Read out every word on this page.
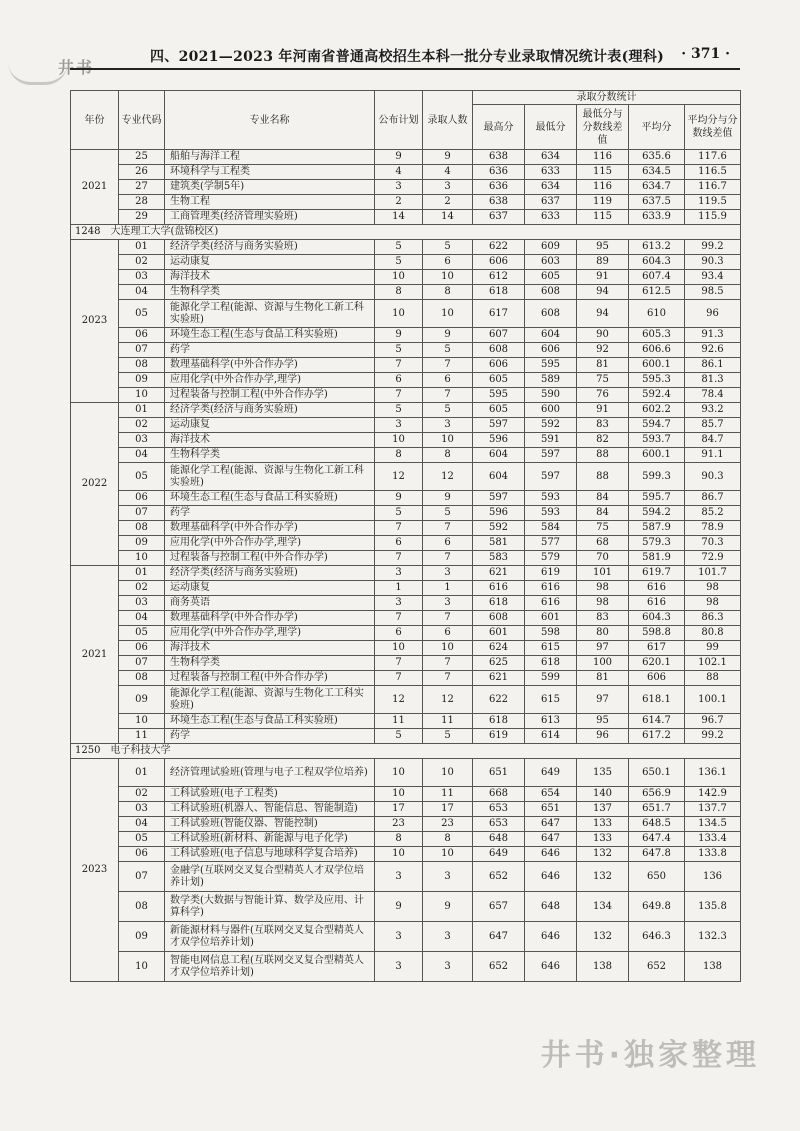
井书
四、2021—2023 年河南省普通高校招生本科一批分专业录取情况统计表(理科) · 371 ·
年份	专业代码	专业名称	公布计划	录取人数	录取分数统计				
					最高分	最低分	最低分与分数线差值	平均分	平均分与分数线差值
2021	25	船舶与海洋工程	9	9	638	634	116	635.6	117.6
	26	环境科学与工程类	4	4	636	633	115	634.5	116.5
	27	建筑类(学制5年)	3	3	636	634	116	634.7	116.7
	28	生物工程	2	2	638	637	119	637.5	119.5
	29	工商管理类(经济管理实验班)	14	14	637	633	115	633.9	115.9
1248　大连理工大学(盘锦校区)									
2023	01	经济学类(经济与商务实验班)	5	5	622	609	95	613.2	99.2
	02	运动康复	5	6	606	603	89	604.3	90.3
	03	海洋技术	10	10	612	605	91	607.4	93.4
	04	生物科学类	8	8	618	608	94	612.5	98.5
	05	能源化学工程(能源、资源与生物化工新工科实验班)	10	10	617	608	94	610	96
	06	环境生态工程(生态与食品工科实验班)	9	9	607	604	90	605.3	91.3
	07	药学	5	5	608	606	92	606.6	92.6
	08	数理基础科学(中外合作办学)	7	7	606	595	81	600.1	86.1
	09	应用化学(中外合作办学,理学)	6	6	605	589	75	595.3	81.3
	10	过程装备与控制工程(中外合作办学)	7	7	595	590	76	592.4	78.4
2022	01	经济学类(经济与商务实验班)	5	5	605	600	91	602.2	93.2
	02	运动康复	3	3	597	592	83	594.7	85.7
	03	海洋技术	10	10	596	591	82	593.7	84.7
	04	生物科学类	8	8	604	597	88	600.1	91.1
	05	能源化学工程(能源、资源与生物化工新工科实验班)	12	12	604	597	88	599.3	90.3
	06	环境生态工程(生态与食品工科实验班)	9	9	597	593	84	595.7	86.7
	07	药学	5	5	596	593	84	594.2	85.2
	08	数理基础科学(中外合作办学)	7	7	592	584	75	587.9	78.9
	09	应用化学(中外合作办学,理学)	6	6	581	577	68	579.3	70.3
	10	过程装备与控制工程(中外合作办学)	7	7	583	579	70	581.9	72.9
2021	01	经济学类(经济与商务实验班)	3	3	621	619	101	619.7	101.7
	02	运动康复	1	1	616	616	98	616	98
	03	商务英语	3	3	618	616	98	616	98
	04	数理基础科学(中外合作办学)	7	7	608	601	83	604.3	86.3
	05	应用化学(中外合作办学,理学)	6	6	601	598	80	598.8	80.8
	06	海洋技术	10	10	624	615	97	617	99
	07	生物科学类	7	7	625	618	100	620.1	102.1
	08	过程装备与控制工程(中外合作办学)	7	7	621	599	81	606	88
	09	能源化学工程(能源、资源与生物化工工科实验班)	12	12	622	615	97	618.1	100.1
	10	环境生态工程(生态与食品工科实验班)	11	11	618	613	95	614.7	96.7
	11	药学	5	5	619	614	96	617.2	99.2
1250　电子科技大学									
2023	01	经济管理试验班(管理与电子工程双学位培养)	10	10	651	649	135	650.1	136.1
	02	工科试验班(电子工程类)	10	11	668	654	140	656.9	142.9
	03	工科试验班(机器人、智能信息、智能制造)	17	17	653	651	137	651.7	137.7
	04	工科试验班(智能仪器、智能控制)	23	23	653	647	133	648.5	134.5
	05	工科试验班(新材料、新能源与电子化学)	8	8	648	647	133	647.4	133.4
	06	工科试验班(电子信息与地球科学复合培养)	10	10	649	646	132	647.8	133.8
	07	金融学(互联网交叉复合型精英人才双学位培养计划)	3	3	652	646	132	650	136
	08	数学类(大数据与智能计算、数学及应用、计算科学)	9	9	657	648	134	649.8	135.8
	09	新能源材料与器件(互联网交叉复合型精英人才双学位培养计划)	3	3	647	646	132	646.3	132.3
	10	智能电网信息工程(互联网交叉复合型精英人才双学位培养计划)	3	3	652	646	138	652	138
井书·独家整理
